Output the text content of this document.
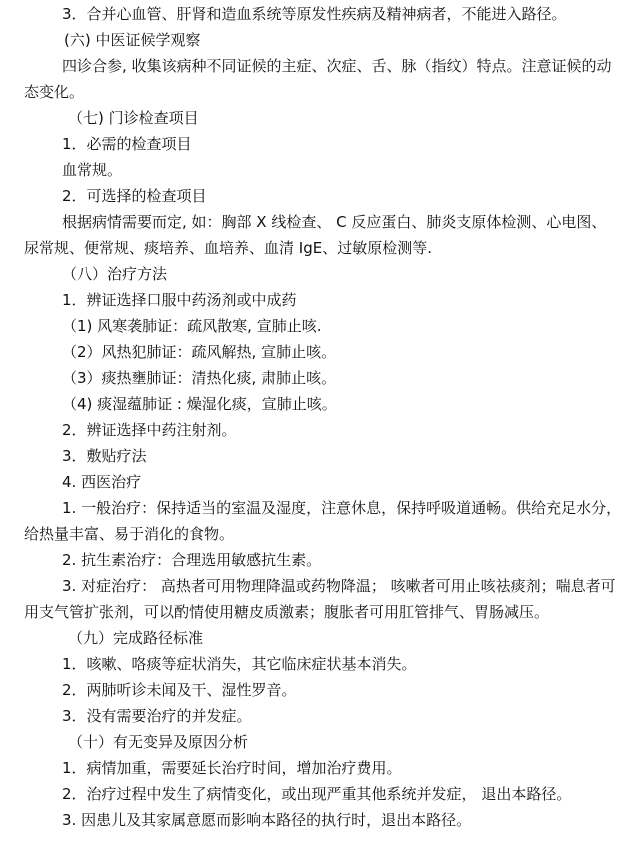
3．合并心血管、肝肾和造血系统等原发性疾病及精神病者，不能进入路径。
(六) 中医证候学观察
四诊合参, 收集该病种不同证候的主症、次症、舌、脉（指纹）特点。注意证候的动
态变化。
（七) 门诊检查项目
1．必需的检查项目
血常规。
2．可选择的检查项目
根据病情需要而定, 如：胸部 X 线检查、 C 反应蛋白、肺炎支原体检测、心电图、
尿常规、便常规、痰培养、血培养、血清 IgE、过敏原检测等.
（八）治疗方法
1．辨证选择口服中药汤剂或中成药
（1) 风寒袭肺证：疏风散寒, 宣肺止咳.
（2）风热犯肺证：疏风解热, 宣肺止咳。
（3）痰热壅肺证：清热化痰, 肃肺止咳。
（4) 痰湿蕴肺证 : 燥湿化痰，宣肺止咳。
2．辨证选择中药注射剂。
3．敷贴疗法
4. 西医治疗
1. 一般治疗：保持适当的室温及湿度，注意休息，保持呼吸道通畅。供给充足水分，
给热量丰富、易于消化的食物。
2. 抗生素治疗：合理选用敏感抗生素。
3. 对症治疗： 高热者可用物理降温或药物降温； 咳嗽者可用止咳祛痰剂；喘息者可
用支气管扩张剂，可以酌情使用糖皮质激素；腹胀者可用肛管排气、胃肠减压。
（九）完成路径标准
1．咳嗽、咯痰等症状消失，其它临床症状基本消失。
2．两肺听诊未闻及干、湿性罗音。
3．没有需要治疗的并发症。
（十）有无变异及原因分析
1．病情加重，需要延长治疗时间，增加治疗费用。
2．治疗过程中发生了病情变化，或出现严重其他系统并发症， 退出本路径。
3. 因患儿及其家属意愿而影响本路径的执行时，退出本路径。
